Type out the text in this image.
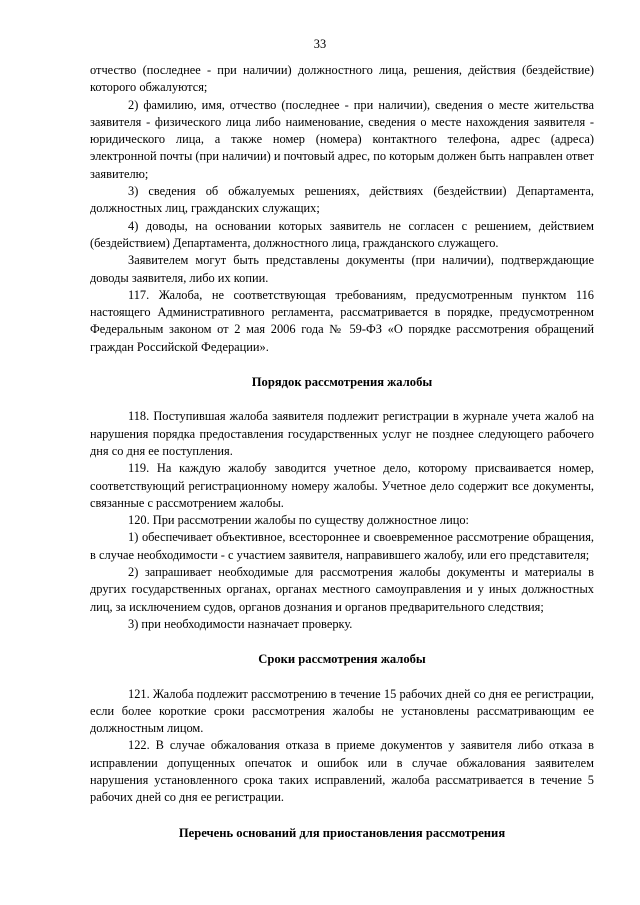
33

отчество (последнее - при наличии) должностного лица, решения, действия (бездействие) которого обжалуются;

2) фамилию, имя, отчество (последнее - при наличии), сведения о месте жительства заявителя - физического лица либо наименование, сведения о месте нахождения заявителя - юридического лица, а также номер (номера) контактного телефона, адрес (адреса) электронной почты (при наличии) и почтовый адрес, по которым должен быть направлен ответ заявителю;

3) сведения об обжалуемых решениях, действиях (бездействии) Департамента, должностных лиц, гражданских служащих;

4) доводы, на основании которых заявитель не согласен с решением, действием (бездействием) Департамента, должностного лица, гражданского служащего.

Заявителем могут быть представлены документы (при наличии), подтверждающие доводы заявителя, либо их копии.

117. Жалоба, не соответствующая требованиям, предусмотренным пунктом 116 настоящего Административного регламента, рассматривается в порядке, предусмотренном Федеральным законом от 2 мая 2006 года № 59-ФЗ «О порядке рассмотрения обращений граждан Российской Федерации».

Порядок рассмотрения жалобы

118. Поступившая жалоба заявителя подлежит регистрации в журнале учета жалоб на нарушения порядка предоставления государственных услуг не позднее следующего рабочего дня со дня ее поступления.

119. На каждую жалобу заводится учетное дело, которому присваивается номер, соответствующий регистрационному номеру жалобы. Учетное дело содержит все документы, связанные с рассмотрением жалобы.

120. При рассмотрении жалобы по существу должностное лицо:

1) обеспечивает объективное, всестороннее и своевременное рассмотрение обращения, в случае необходимости - с участием заявителя, направившего жалобу, или его представителя;

2) запрашивает необходимые для рассмотрения жалобы документы и материалы в других государственных органах, органах местного самоуправления и у иных должностных лиц, за исключением судов, органов дознания и органов предварительного следствия;

3) при необходимости назначает проверку.

Сроки рассмотрения жалобы

121. Жалоба подлежит рассмотрению в течение 15 рабочих дней со дня ее регистрации, если более короткие сроки рассмотрения жалобы не установлены рассматривающим ее должностным лицом.

122. В случае обжалования отказа в приеме документов у заявителя либо отказа в исправлении допущенных опечаток и ошибок или в случае обжалования заявителем нарушения установленного срока таких исправлений, жалоба рассматривается в течение 5 рабочих дней со дня ее регистрации.

Перечень оснований для приостановления рассмотрения
